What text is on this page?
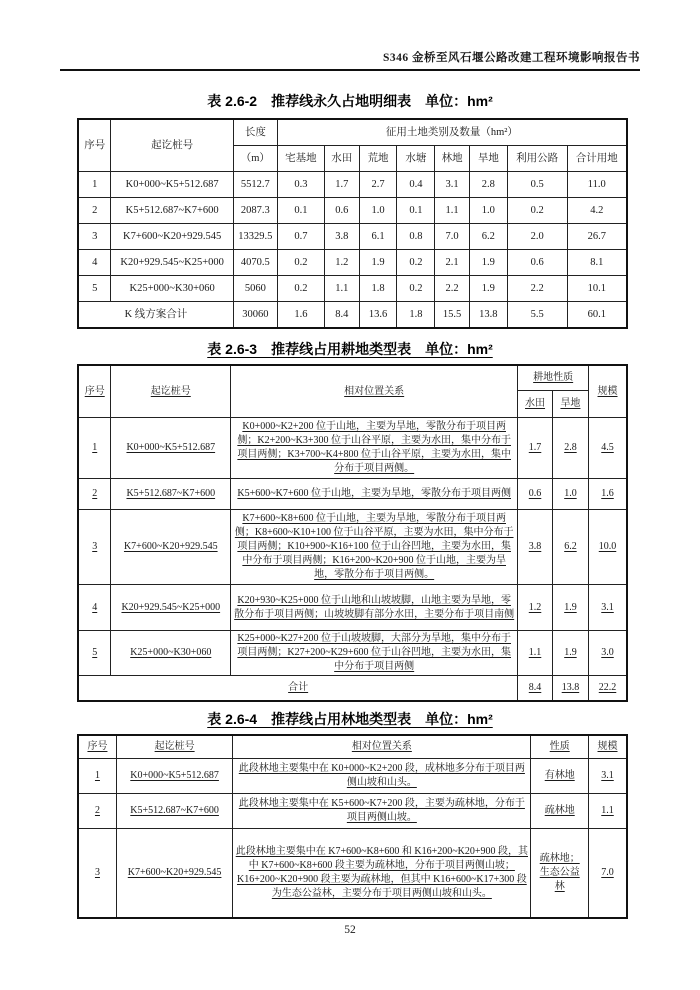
S346 金桥至风石堰公路改建工程环境影响报告书
表 2.6-2　推荐线永久占地明细表　单位：hm²
序号	起讫桩号	长度	征用土地类别及数量（hm²）							
		（m）	宅基地	水田	荒地	水塘	林地	旱地	利用公路	合计用地
1	K0+000~K5+512.687	5512.7	0.3	1.7	2.7	0.4	3.1	2.8	0.5	11.0
2	K5+512.687~K7+600	2087.3	0.1	0.6	1.0	0.1	1.1	1.0	0.2	4.2
3	K7+600~K20+929.545	13329.5	0.7	3.8	6.1	0.8	7.0	6.2	2.0	26.7
4	K20+929.545~K25+000	4070.5	0.2	1.2	1.9	0.2	2.1	1.9	0.6	8.1
5	K25+000~K30+060	5060	0.2	1.1	1.8	0.2	2.2	1.9	2.2	10.1
K 线方案合计		30060	1.6	8.4	13.6	1.8	15.5	13.8	5.5	60.1
表 2.6-3　推荐线占用耕地类型表　单位：hm²
序号	起讫桩号	相对位置关系	耕地性质		规模
			水田	旱地	
1	K0+000~K5+512.687	K0+000~K2+200 位于山地，主要为旱地，零散分布于项目两侧；K2+200~K3+300 位于山谷平原，主要为水田，集中分布于项目两侧；K3+700~K4+800 位于山谷平原，主要为水田，集中分布于项目两侧。	1.7	2.8	4.5
2	K5+512.687~K7+600	K5+600~K7+600 位于山地，主要为旱地，零散分布于项目两侧	0.6	1.0	1.6
3	K7+600~K20+929.545	K7+600~K8+600 位于山地，主要为旱地，零散分布于项目两侧；K8+600~K10+100 位于山谷平原，主要为水田，集中分布于项目两侧；K10+900~K16+100 位于山谷凹地，主要为水田，集中分布于项目两侧；K16+200~K20+900 位于山地，主要为旱地，零散分布于项目两侧。	3.8	6.2	10.0
4	K20+929.545~K25+000	K20+930~K25+000 位于山地和山坡坡脚，山地主要为旱地，零散分布于项目两侧；山坡坡脚有部分水田，主要分布于项目南侧	1.2	1.9	3.1
5	K25+000~K30+060	K25+000~K27+200 位于山坡坡脚，大部分为旱地，集中分布于项目两侧；K27+200~K29+600 位于山谷凹地，主要为水田，集中分布于项目两侧	1.1	1.9	3.0
合计			8.4	13.8	22.2
表 2.6-4　推荐线占用林地类型表　单位：hm²
序号	起讫桩号	相对位置关系	性质	规模
1	K0+000~K5+512.687	此段林地主要集中在 K0+000~K2+200 段，成林地多分布于项目两侧山坡和山头。	有林地	3.1
2	K5+512.687~K7+600	此段林地主要集中在 K5+600~K7+200 段，主要为疏林地，分布于项目两侧山坡。	疏林地	1.1
3	K7+600~K20+929.545	此段林地主要集中在 K7+600~K8+600 和 K16+200~K20+900 段，其中 K7+600~K8+600 段主要为疏林地，分布于项目两侧山坡；K16+200~K20+900 段主要为疏林地，但其中 K16+600~K17+300 段为生态公益林，主要分布于项目两侧山坡和山头。	疏林地；生态公益林	7.0
52
